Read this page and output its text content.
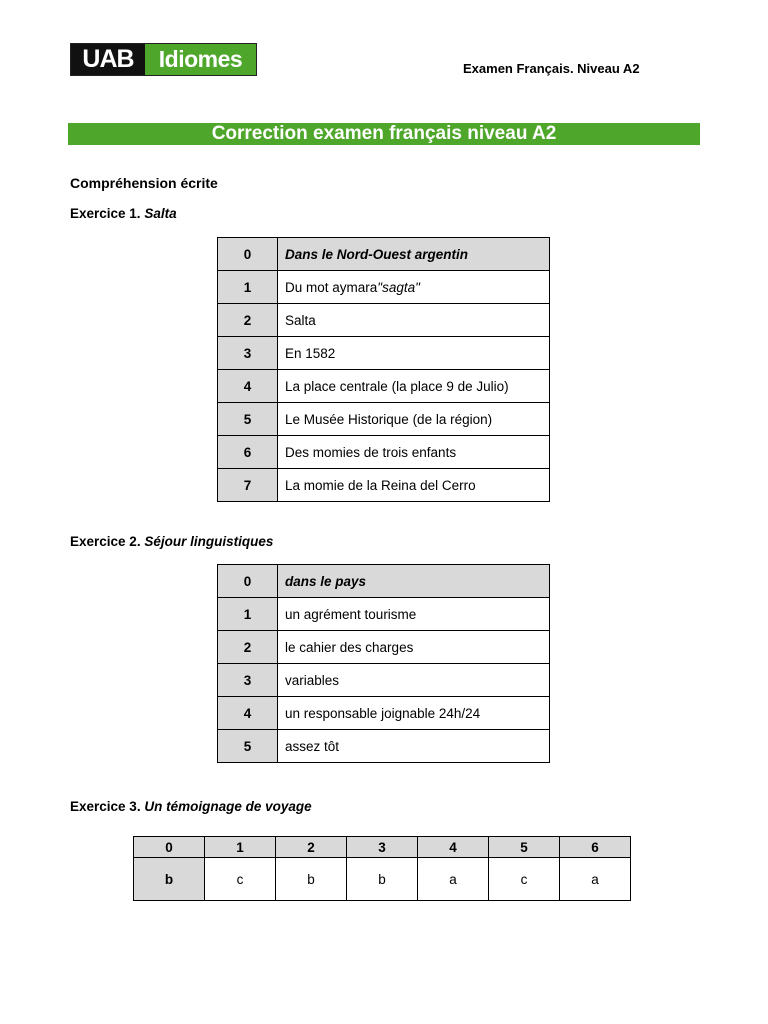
UAB	Idiomes	Examen Français. Niveau A2
Correction examen français niveau A2
Compréhension écrite
Exercice 1. Salta
0	Dans le Nord-Ouest argentin
1	Du mot aymara"sagta"
2	Salta
3	En 1582
4	La place centrale (la place 9 de Julio)
5	Le Musée Historique (de la région)
6	Des momies de trois enfants
7	La momie de la Reina del Cerro
Exercice 2. Séjour linguistiques
0	dans le pays
1	un agrément tourisme
2	le cahier des charges
3	variables
4	un responsable joignable 24h/24
5	assez tôt
Exercice 3. Un témoignage de voyage
0	1	2	3	4	5	6
b	c	b	b	a	c	a
